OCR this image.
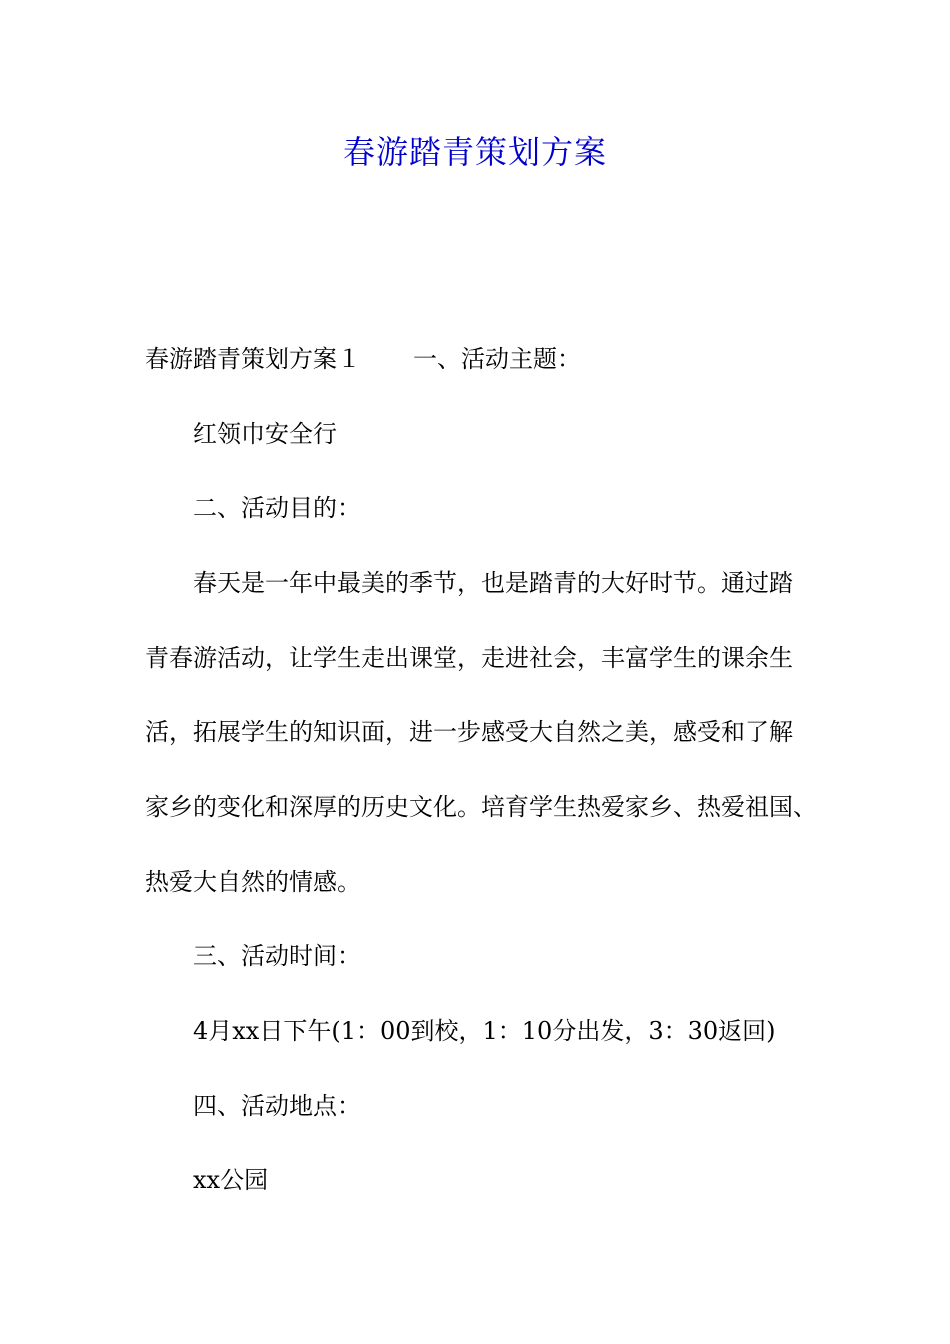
春游踏青策划方案

春游踏青策划方案１ 一、活动主题：

红领巾安全行

二、活动目的：

春天是一年中最美的季节，也是踏青的大好时节。通过踏

青春游活动，让学生走出课堂，走进社会，丰富学生的课余生

活，拓展学生的知识面，进一步感受大自然之美，感受和了解

家乡的变化和深厚的历史文化。培育学生热爱家乡、热爱祖国、

热爱大自然的情感。

三、活动时间：

4月xx日下午(1：00到校，1：10分出发，3：30返回)

四、活动地点：

xx公园
